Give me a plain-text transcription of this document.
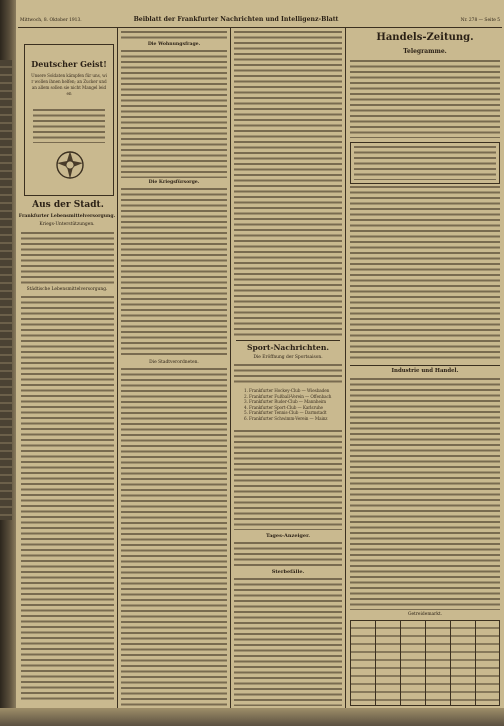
Mittwoch, 8. Oktober 1913.	Beiblatt der Frankfurter Nachrichten und Intelligenz-Blatt	Nr. 278 — Seite 5
Deutscher Geist!
Unsere Soldaten kämpfen für uns, wir wollen ihnen helfen; an Zucker und an allem sollen sie nicht Mangel leiden
Aus der Stadt.
Frankfurter Lebensmittelversorgung.
Kriegs-Unterstützungen.
Städtische Lebensmittelversorgung.
Die Wohnungsfrage.
Die Kriegsfürsorge.
Die Stadtverordneten.
Sport-Nachrichten.
Die Eröffnung der Sportsaison.
1. Frankfurter Hockey-Club — Wiesbaden
2. Frankfurter Fußball-Verein — Offenbach
3. Frankfurter Ruder-Club — Mannheim
4. Frankfurter Sport-Club — Karlsruhe
5. Frankfurter Tennis-Club — Darmstadt
6. Frankfurter Schwimm-Verein — Mainz
Tages-Anzeiger.
Sterbefälle.
Handels-Zeitung.
Telegramme.
Industrie und Handel.
Getreidemarkt.
